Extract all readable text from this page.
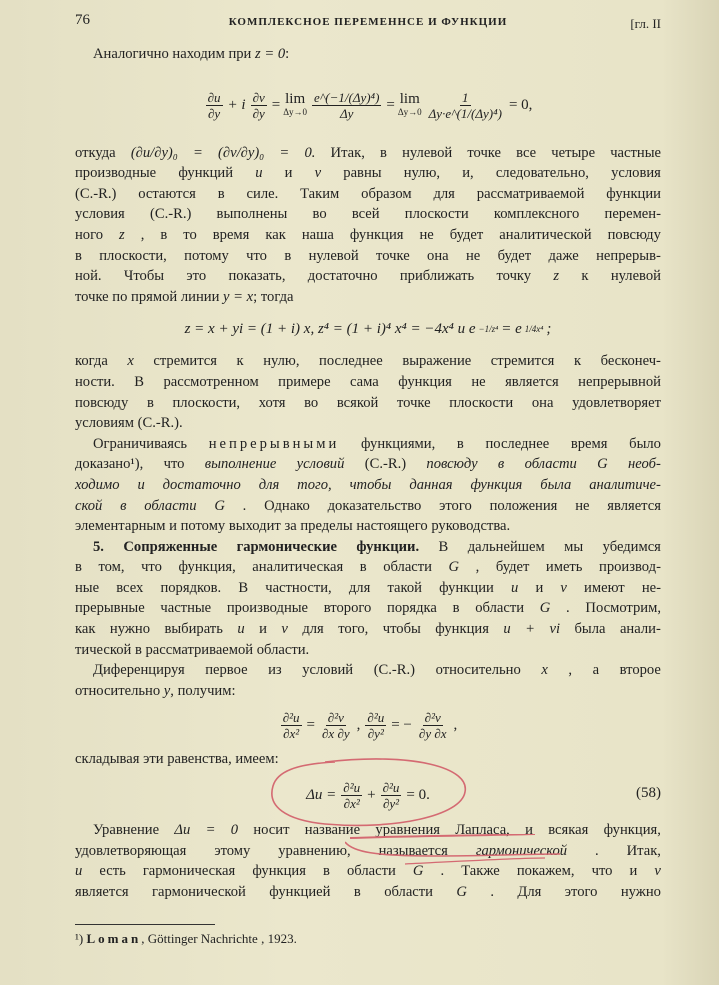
76	КОМПЛЕКСНОЕ ПЕРЕМЕННСЕ И ФУНКЦИИ	[гл. II
Аналогично находим при z = 0 :
$\frac{\partial u}{\partial y} + i \frac{\partial v}{\partial y} = \lim$
$\Delta y\to 0 \frac{\text{e\textasciicircum{}(−1/(Δy)⁴)}}{\Delta y} = \lim$
$\Delta y\to 0 \frac{1}{\text{Δy·e\textasciicircum{}(1/(Δy)⁴)}} = 0$,
откуда (∂u/∂y)₀ = (∂v/∂y)₀ = 0. Итак, в нулевой точке все четыре частные
производные функций u и v равны нулю, и, следовательно, условия
(C.-R.) остаются в силе. Таким образом для рассматриваемой функции
условия (C.-R.) выполнены во всей плоскости комплексного перемен-
ного z , в то время как наша функция не будет аналитической повсюду
в плоскости, потому что в нулевой точке она не будет даже непрерыв-
ной. Чтобы это показать, достаточно приближать точку z к нулевой
точке по прямой линии y = x ; тогда
z = x + yi = (1 + i) x, z⁴ = (1 + i)⁴ x⁴ = −4x⁴ и e −1/z⁴ = e 1/4x⁴ ;
когда x стремится к нулю, последнее выражение стремится к бесконеч-
ности. В рассмотренном примере сама функция не является непрерывной
повсюду в плоскости, хотя во всякой точке плоскости она удовлетворяет
условиям (C.-R.).
Ограничиваясь непрерывными функциями, в последнее время было
доказано¹), что выполнение условий (C.-R.) повсюду в области G необ-
ходимо и достаточно для того, чтобы данная функция была аналитиче-
ской в области G . Однако доказательство этого положения не является
элементарным и потому выходит за пределы настоящего руководства.
5. Сопряженные гармонические функции. В дальнейшем мы убедимся
в том, что функция, аналитическая в области G , будет иметь производ-
ные всех порядков. В частности, для такой функции u и v имеют не-
прерывные частные производные второго порядка в области G . Посмотрим,
как нужно выбирать u и v для того, чтобы функция u + vi была анали-
тической в рассматриваемой области.
Диференцируя первое из условий (C.-R.) относительно x , а второе
относительно y , получим:
$\frac{\text{∂²u}}{\text{∂x²}} = \frac{\text{∂²v}}{\partial x \partial y}$ , $\frac{\text{∂²u}}{\text{∂y²}}$ = − $\frac{\text{∂²v}}{\partial y \partial x}$ ,
складывая эти равенства, имеем:
$\Delta u = \frac{\text{∂²u}}{\text{∂x²}} + \frac{\text{∂²u}}{\text{∂y²}} = 0$.	(58)
Уравнение Δu = 0 носит название уравнения Лапласа, и всякая функция,
удовлетворяющая этому уравнению, называется гармонической . Итак,
u есть гармоническая функция в области G . Также покажем, что и v
является гармонической функцией в области G . Для этого нужно
¹) Loman, Göttinger Nachrichte , 1923.
